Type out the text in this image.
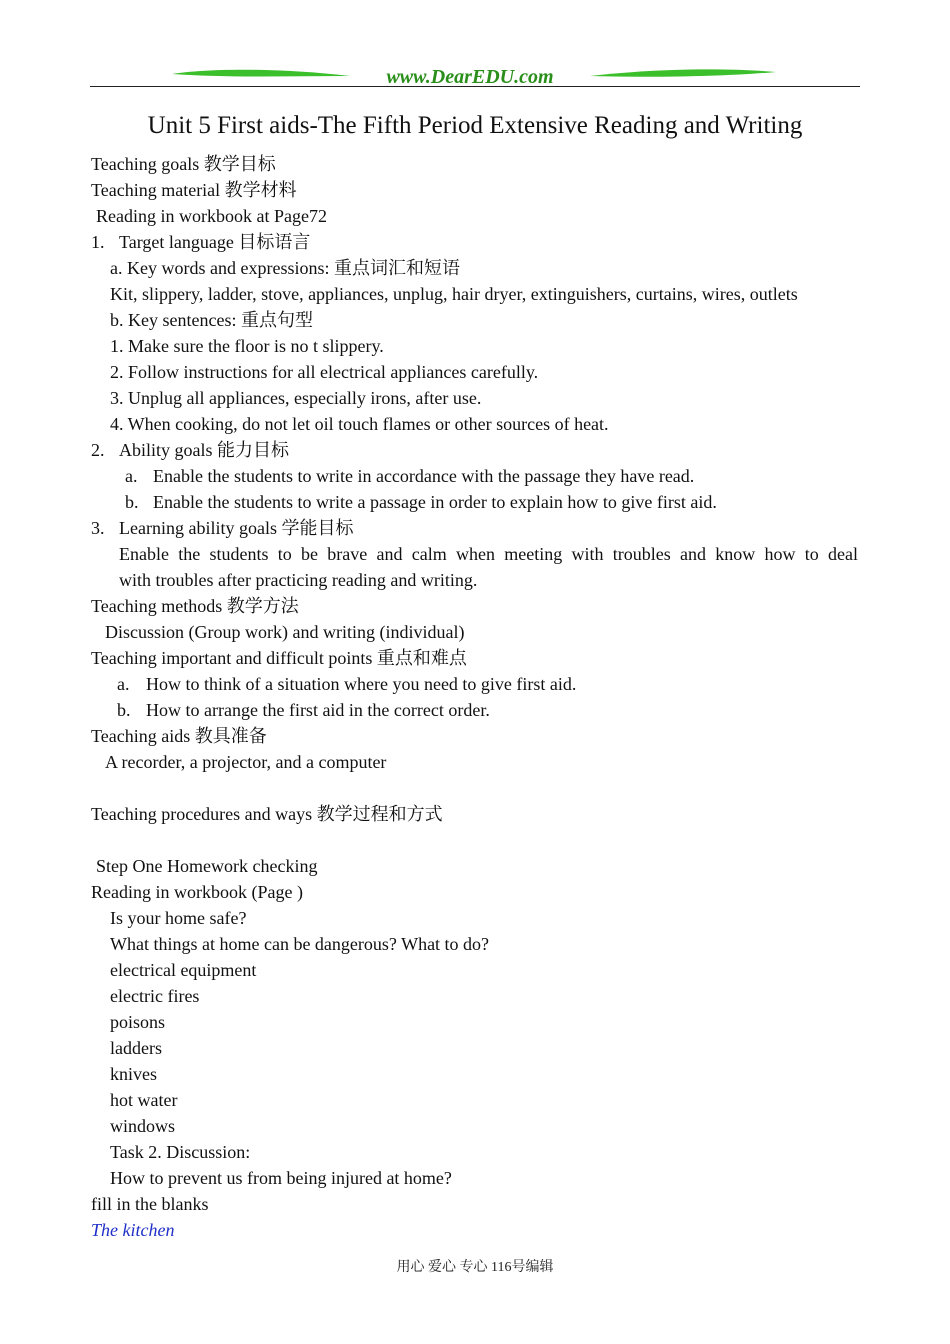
www.DearEDU.com
Unit 5 First aids-The Fifth Period Extensive Reading and Writing
Teaching goals 教学目标
Teaching material 教学材料
Reading in workbook at Page72
1. Target language 目标语言
a. Key words and expressions: 重点词汇和短语
Kit, slippery, ladder, stove, appliances, unplug, hair dryer, extinguishers, curtains, wires, outlets
b. Key sentences: 重点句型
1. Make sure the floor is no t slippery.
2. Follow instructions for all electrical appliances carefully.
3. Unplug all appliances, especially irons, after use.
4. When cooking, do not let oil touch flames or other sources of heat.
2. Ability goals 能力目标
a. Enable the students to write in accordance with the passage they have read.
b. Enable the students to write a passage in order to explain how to give first aid.
3. Learning ability goals 学能目标
Enable the students to be brave and calm when meeting with troubles and know how to deal
with troubles after practicing reading and writing.
Teaching methods 教学方法
Discussion (Group work) and writing (individual)
Teaching important and difficult points 重点和难点
a. How to think of a situation where you need to give first aid.
b. How to arrange the first aid in the correct order.
Teaching aids 教具准备
A recorder, a projector, and a computer
Teaching procedures and ways 教学过程和方式
Step One Homework checking
Reading in workbook (Page )
Is your home safe?
What things at home can be dangerous? What to do?
electrical equipment
electric fires
poisons
ladders
knives
hot water
windows
Task 2. Discussion:
How to prevent us from being injured at home?
fill in the blanks
The kitchen
用心 爱心 专心 116号编辑
